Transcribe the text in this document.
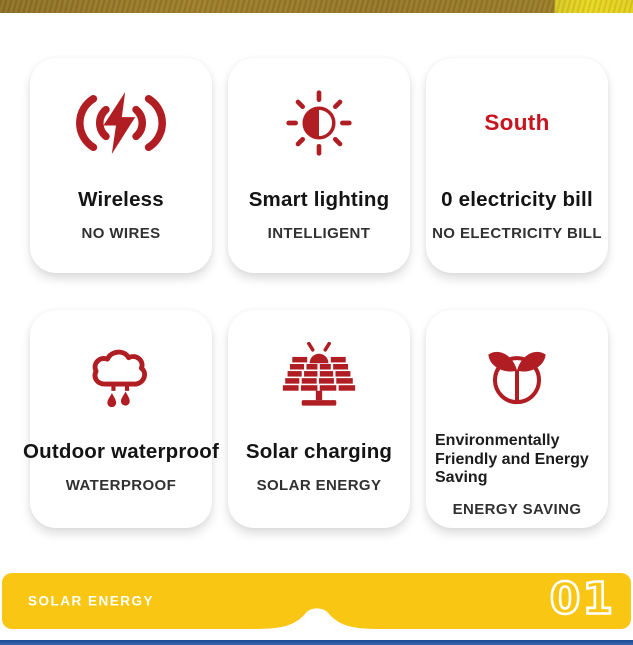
Wireless
NO WIRES
Smart lighting
INTELLIGENT
South
0 electricity bill
NO ELECTRICITY BILL
Outdoor waterproof
WATERPROOF
Solar charging
SOLAR ENERGY
Environmentally Friendly and Energy Saving
ENERGY SAVING
SOLAR ENERGY	01
